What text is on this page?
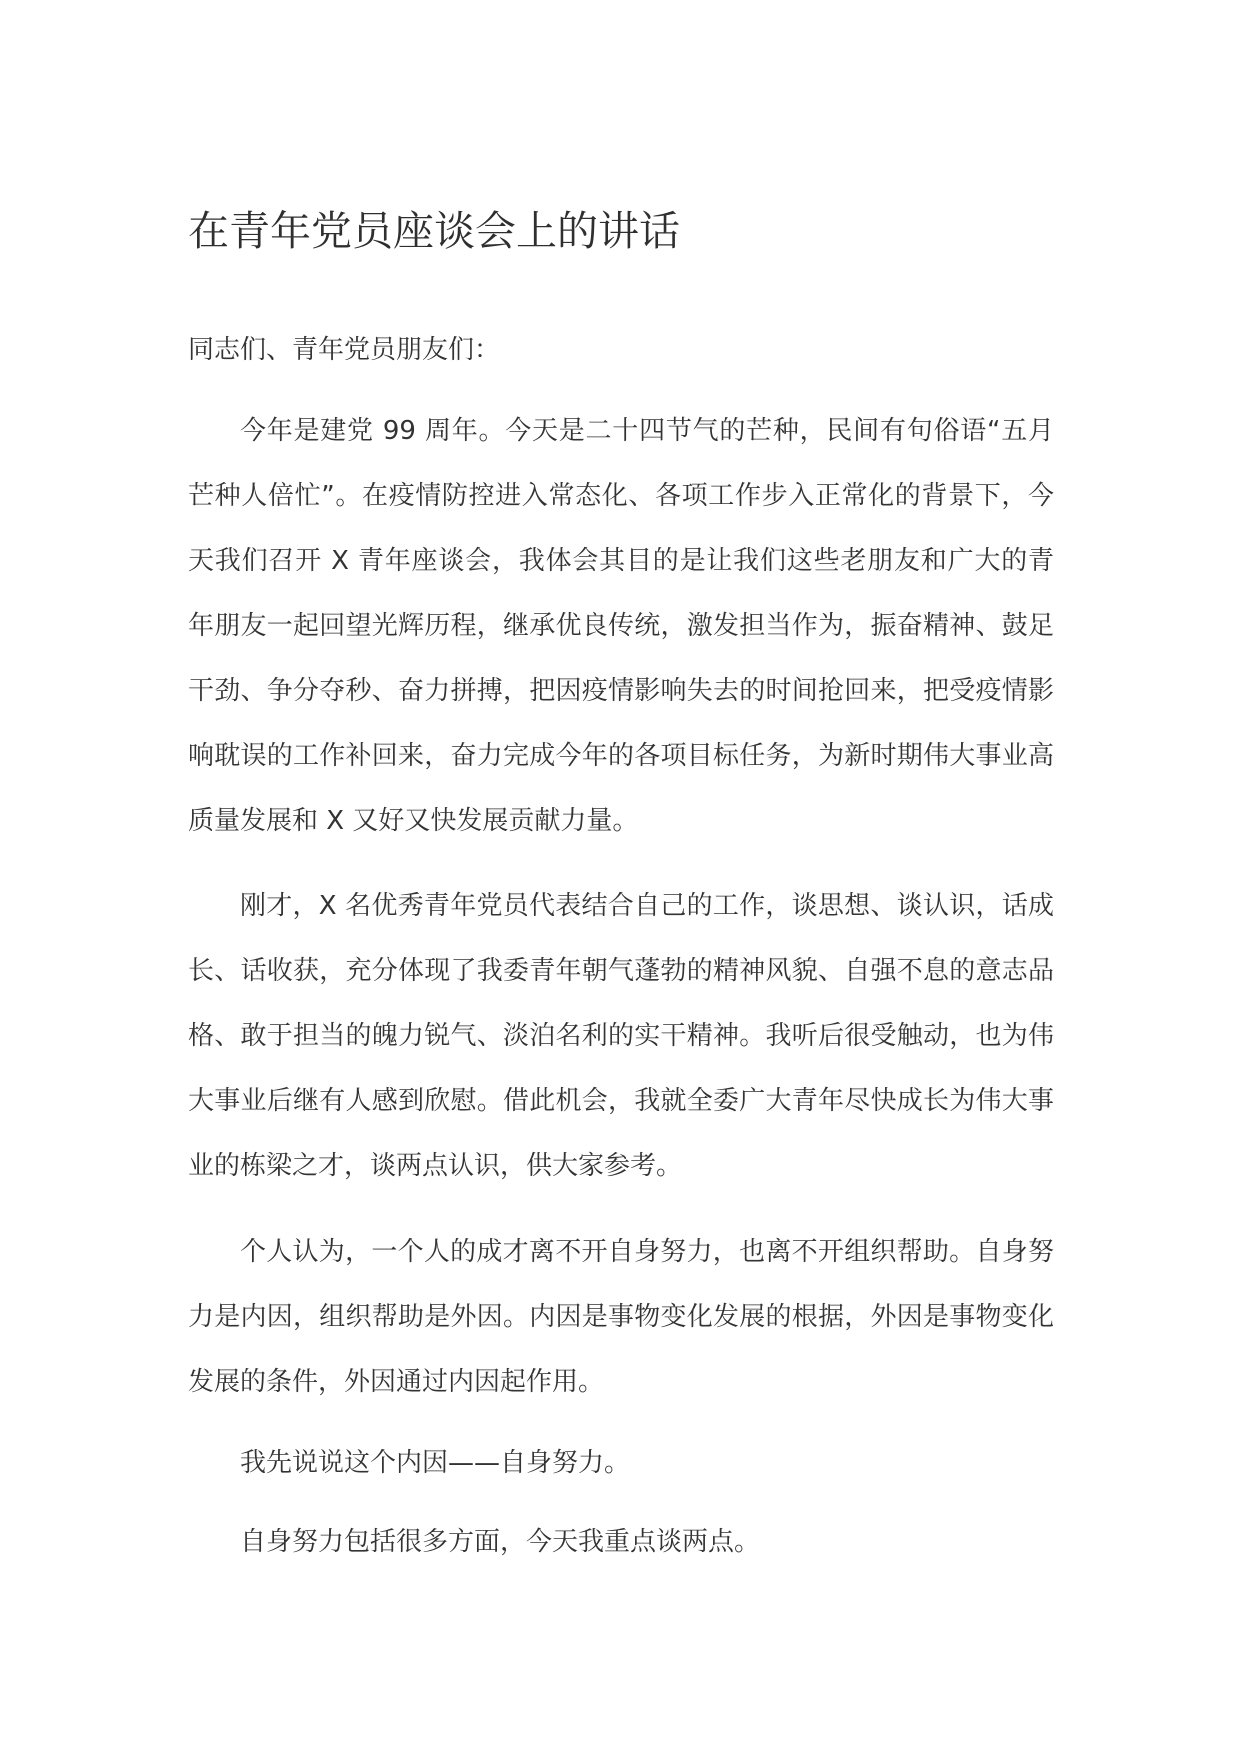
在青年党员座谈会上的讲话

同志们、青年党员朋友们：

今年是建党 99 周年。今天是二十四节气的芒种，民间有句俗语“五月芒种人倍忙”。在疫情防控进入常态化、各项工作步入正常化的背景下，今天我们召开 X 青年座谈会，我体会其目的是让我们这些老朋友和广大的青年朋友一起回望光辉历程，继承优良传统，激发担当作为，振奋精神、鼓足干劲、争分夺秒、奋力拼搏，把因疫情影响失去的时间抢回来，把受疫情影响耽误的工作补回来，奋力完成今年的各项目标任务，为新时期伟大事业高质量发展和 X 又好又快发展贡献力量。

刚才，X 名优秀青年党员代表结合自己的工作，谈思想、谈认识，话成长、话收获，充分体现了我委青年朝气蓬勃的精神风貌、自强不息的意志品格、敢于担当的魄力锐气、淡泊名利的实干精神。我听后很受触动，也为伟大事业后继有人感到欣慰。借此机会，我就全委广大青年尽快成长为伟大事业的栋梁之才，谈两点认识，供大家参考。

个人认为，一个人的成才离不开自身努力，也离不开组织帮助。自身努力是内因，组织帮助是外因。内因是事物变化发展的根据，外因是事物变化发展的条件，外因通过内因起作用。

我先说说这个内因——自身努力。

自身努力包括很多方面，今天我重点谈两点。
